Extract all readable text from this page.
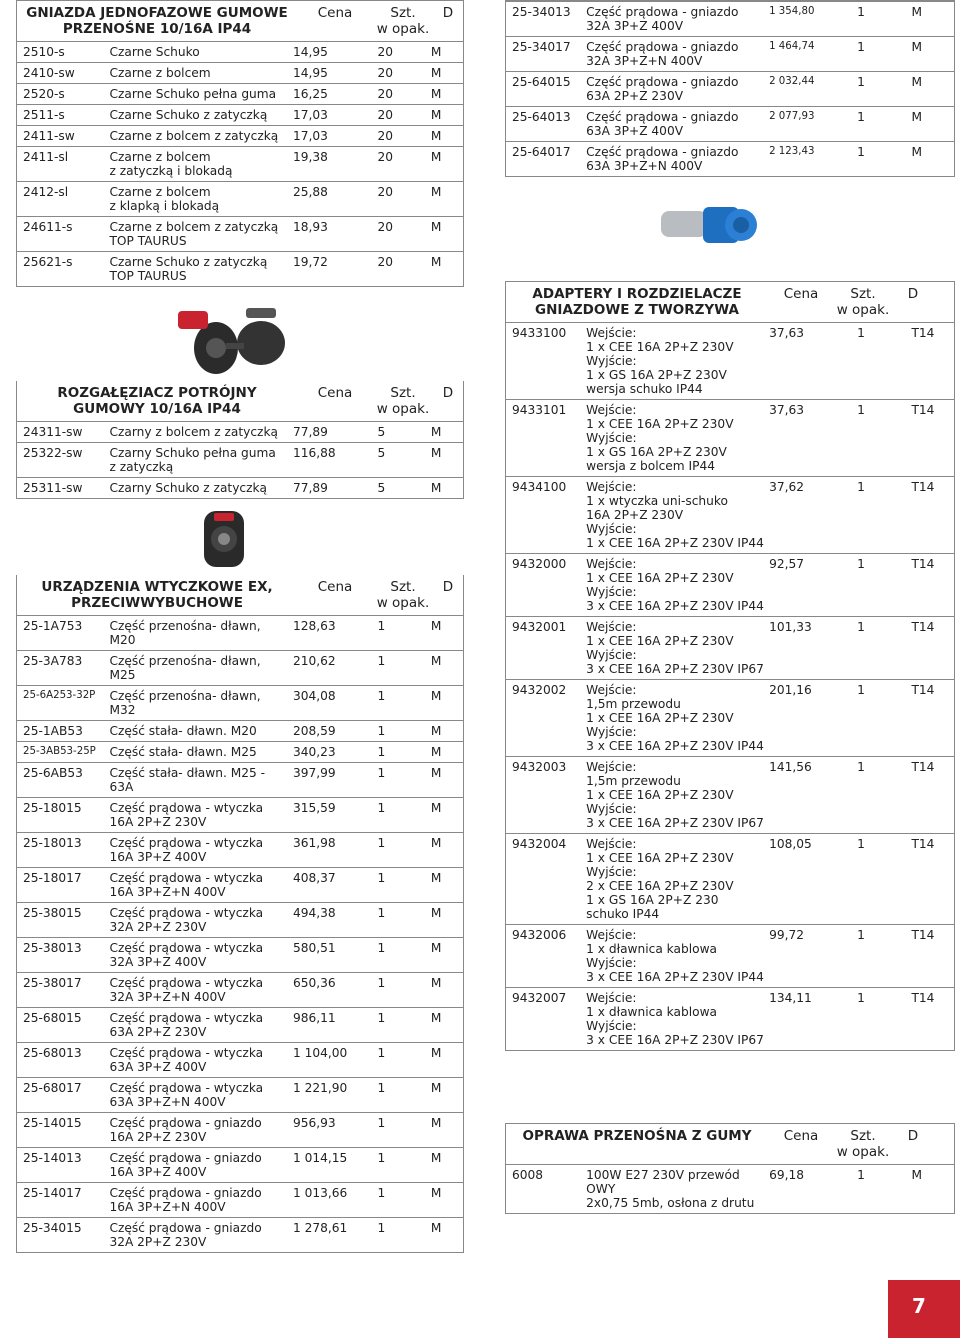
GNIAZDA JEDNOFAZOWE GUMOWE
PRZENOŚNE 10/16A IP44
Cena	Szt.
w opak.
D
2510-s	Czarne Schuko	14,95	20	M
2410-sw	Czarne z bolcem	14,95	20	M
2520-s	Czarne Schuko pełna guma	16,25	20	M
2511-s	Czarne Schuko z zatyczką	17,03	20	M
2411-sw	Czarne z bolcem z zatyczką	17,03	20	M
2411-sl	Czarne z bolcem
z zatyczką i blokadą
19,38	20	M
2412-sl	Czarne z bolcem
z klapką i blokadą
25,88	20	M
24611-s	Czarne z bolcem z zatyczką
TOP TAURUS
18,93	20	M
25621-s	Czarne Schuko z zatyczką
TOP TAURUS
19,72	20	M
ROZGAŁĘZIACZ POTRÓJNY
GUMOWY 10/16A IP44
Cena	Szt.
w opak.
D
24311-sw	Czarny z bolcem z zatyczką	77,89	5	M
25322-sw	Czarny Schuko pełna guma
z zatyczką
116,88	5	M
25311-sw	Czarny Schuko z zatyczką	77,89	5	M
URZĄDZENIA WTYCZKOWE EX,
PRZECIWWYBUCHOWE
Cena	Szt.
w opak.
D
25-1A753	Część przenośna- dławn, M20
128,63	1	M
25-3A783	Część przenośna- dławn, M25
210,62	1	M
25-6A253-32P	Część przenośna- dławn, M32
304,08	1	M
25-1AB53	Część stała- dławn. M20	208,59	1	M
25-3AB53-25P	Część stała- dławn. M25	340,23	1	M
25-6AB53	Część stała- dławn. M25 - 63A
397,99	1	M
25-18015	Część prądowa - wtyczka
16A 2P+Z 230V
315,59	1	M
25-18013	Część prądowa - wtyczka
16A 3P+Z 400V
361,98	1	M
25-18017	Część prądowa - wtyczka
16A 3P+Z+N 400V
408,37	1	M
25-38015	Część prądowa - wtyczka
32A 2P+Z 230V
494,38	1	M
25-38013	Część prądowa - wtyczka
32A 3P+Z 400V
580,51	1	M
25-38017	Część prądowa - wtyczka
32A 3P+Z+N 400V
650,36	1	M
25-68015	Część prądowa - wtyczka
63A 2P+Z 230V
986,11	1	M
25-68013	Część prądowa - wtyczka
63A 3P+Z 400V
1 104,00	1	M
25-68017	Część prądowa - wtyczka
63A 3P+Z+N 400V
1 221,90	1	M
25-14015	Część prądowa - gniazdo
16A 2P+Z 230V
956,93	1	M
25-14013	Część prądowa - gniazdo
16A 3P+Z 400V
1 014,15	1	M
25-14017	Część prądowa - gniazdo
16A 3P+Z+N 400V
1 013,66	1	M
25-34015	Część prądowa - gniazdo
32A 2P+Z 230V
1 278,61	1	M
25-34013	Część prądowa - gniazdo
32A 3P+Z 400V
1 354,80	1	M
25-34017	Część prądowa - gniazdo
32A 3P+Z+N 400V
1 464,74	1	M
25-64015	Część prądowa - gniazdo
63A 2P+Z 230V
2 032,44	1	M
25-64013	Część prądowa - gniazdo
63A 3P+Z 400V
2 077,93	1	M
25-64017	Część prądowa - gniazdo
63A 3P+Z+N 400V
2 123,43	1	M
ADAPTERY I ROZDZIELACZE
GNIAZDOWE Z TWORZYWA
Cena	Szt.
w opak.
D
9433100	Wejście:
1 x CEE 16A 2P+Z 230V
Wyjście:
1 x GS 16A 2P+Z 230V
wersja schuko IP44
37,63	1	T14
9433101	Wejście:
1 x CEE 16A 2P+Z 230V
Wyjście:
1 x GS 16A 2P+Z 230V
wersja z bolcem IP44
37,63	1	T14
9434100	Wejście:
1 x wtyczka uni-schuko
16A 2P+Z 230V
Wyjście:
1 x CEE 16A 2P+Z 230V IP44
37,62	1	T14
9432000	Wejście:
1 x CEE 16A 2P+Z 230V
Wyjście:
3 x CEE 16A 2P+Z 230V IP44
92,57	1	T14
9432001	Wejście:
1 x CEE 16A 2P+Z 230V
Wyjście:
3 x CEE 16A 2P+Z 230V IP67
101,33	1	T14
9432002	Wejście:
1,5m przewodu
1 x CEE 16A 2P+Z 230V
Wyjście:
3 x CEE 16A 2P+Z 230V IP44
201,16	1	T14
9432003	Wejście:
1,5m przewodu
1 x CEE 16A 2P+Z 230V
Wyjście:
3 x CEE 16A 2P+Z 230V IP67
141,56	1	T14
9432004	Wejście:
1 x CEE 16A 2P+Z 230V
Wyjście:
2 x CEE 16A 2P+Z 230V
1 x GS 16A 2P+Z 230
schuko IP44
108,05	1	T14
9432006	Wejście:
1 x dławnica kablowa
Wyjście:
3 x CEE 16A 2P+Z 230V IP44
99,72	1	T14
9432007	Wejście:
1 x dławnica kablowa
Wyjście:
3 x CEE 16A 2P+Z 230V IP67
134,11	1	T14
OPRAWA PRZENOŚNA Z GUMY	Cena	Szt.
w opak.
D
6008	100W E27 230V przewód OWY
2x0,75 5mb, osłona z drutu
69,18	1	M
7
